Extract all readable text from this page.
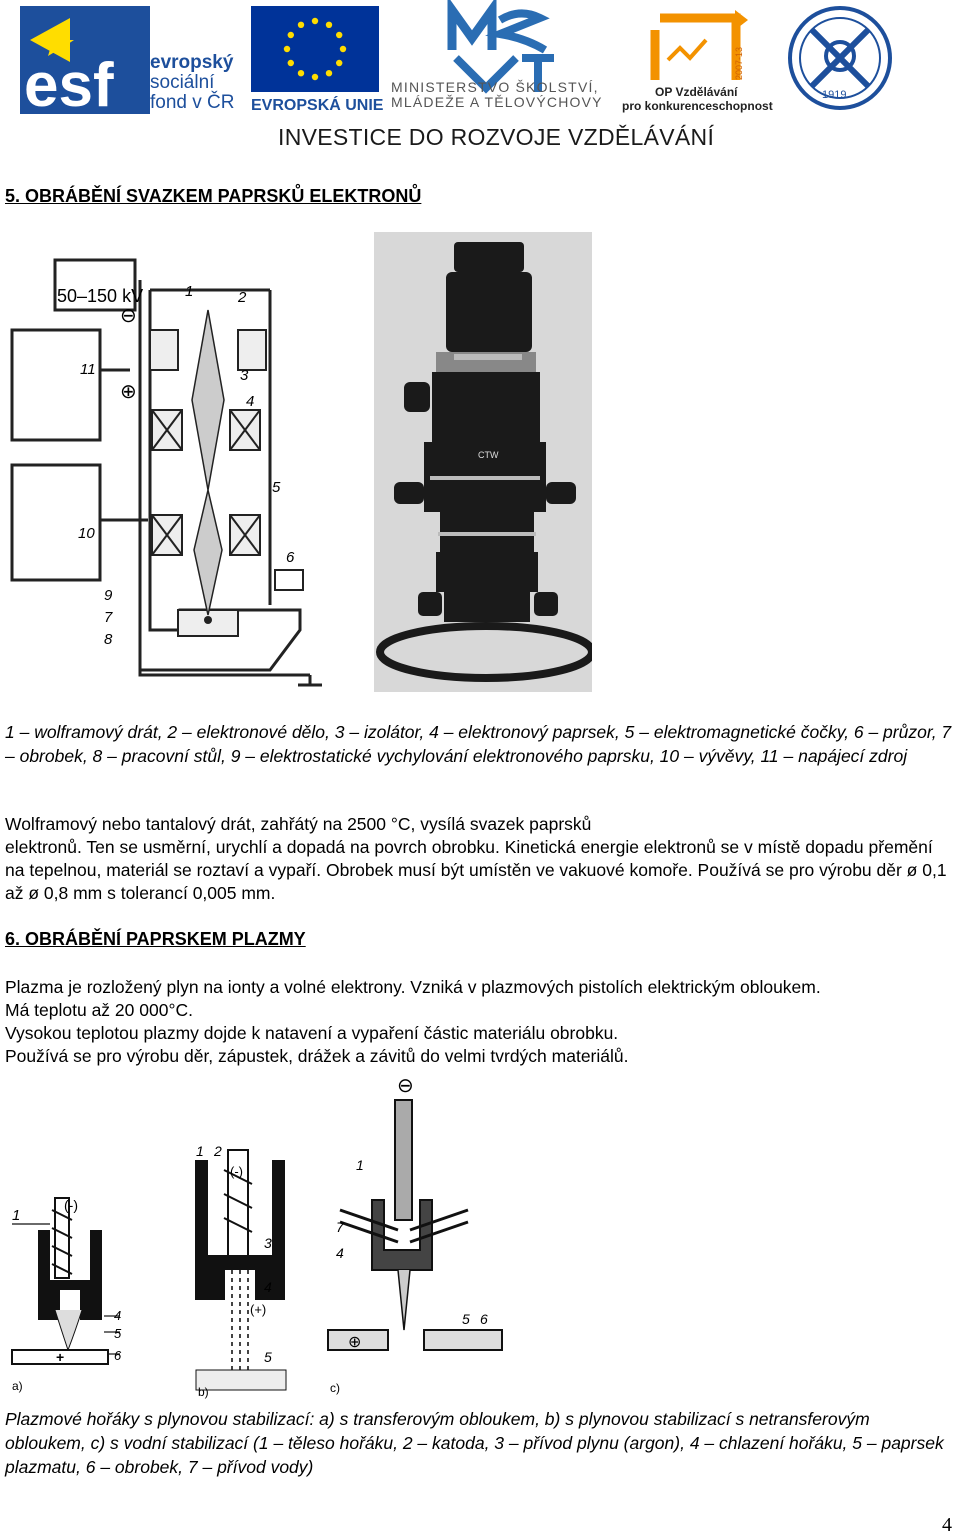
esf evropský
sociální
fond v ČR EVROPSKÁ UNIE
MINISTERSTVO ŠKOLSTVÍ,
MLÁDEŽE A TĚLOVÝCHOVY
2007-13
OP Vzdělávání
pro konkurenceschopnost
1919
INVESTICE DO ROZVOJE VZDĚLÁVÁNÍ
5. OBRÁBĚNÍ SVAZKEM PAPRSKŮ ELEKTRONŮ
50–150 kV
⊖
⊕
1	2
3
4
11
5
10
6
9
7
8
CTW
1 – wolframový drát, 2 – elektronové dělo, 3 – izolátor, 4 – elektronový paprsek, 5 – elektromagnetické čočky, 6 – průzor, 7 – obrobek, 8 – pracovní stůl, 9 – elektrostatické vychylování elektronového paprsku, 10 – vývěvy, 11 – napájecí zdroj

Wolframový nebo tantalový drát, zahřátý na 2500 °C, vysílá svazek paprsků

elektronů. Ten se usměrní, urychlí a dopadá na povrch obrobku. Kinetická energie elektronů se v místě dopadu přemění na tepelnou, materiál se roztaví a vypaří. Obrobek musí být umístěn ve vakuové komoře. Používá se pro výrobu děr ø 0,1 až ø 0,8 mm s tolerancí 0,005 mm.

6. OBRÁBĚNÍ PAPRSKEM PLAZMY

Plazma je rozložený plyn na ionty a volné elektrony. Vzniká v plazmových pistolích elektrickým obloukem.

Má teplotu až 20 000°C.

Vysokou teplotou plazmy dojde k natavení a vypaření částic materiálu obrobku.

Používá se pro výrobu děr, zápustek, drážek a závitů do velmi tvrdých materiálů.

1
(-)
4
5
6
+
a)
1 2
(-)
3
4
(+)
5
b)
⊖
1
7
4
5 6
⊕
c)
Plazmové hořáky s plynovou stabilizací: a) s transferovým obloukem, b) s plynovou stabilizací s netransferovým obloukem, c) s vodní stabilizací (1 – těleso hořáku, 2 – katoda, 3 – přívod plynu (argon), 4 – chlazení hořáku, 5 – paprsek plazmatu, 6 – obrobek, 7 – přívod vody)
4
